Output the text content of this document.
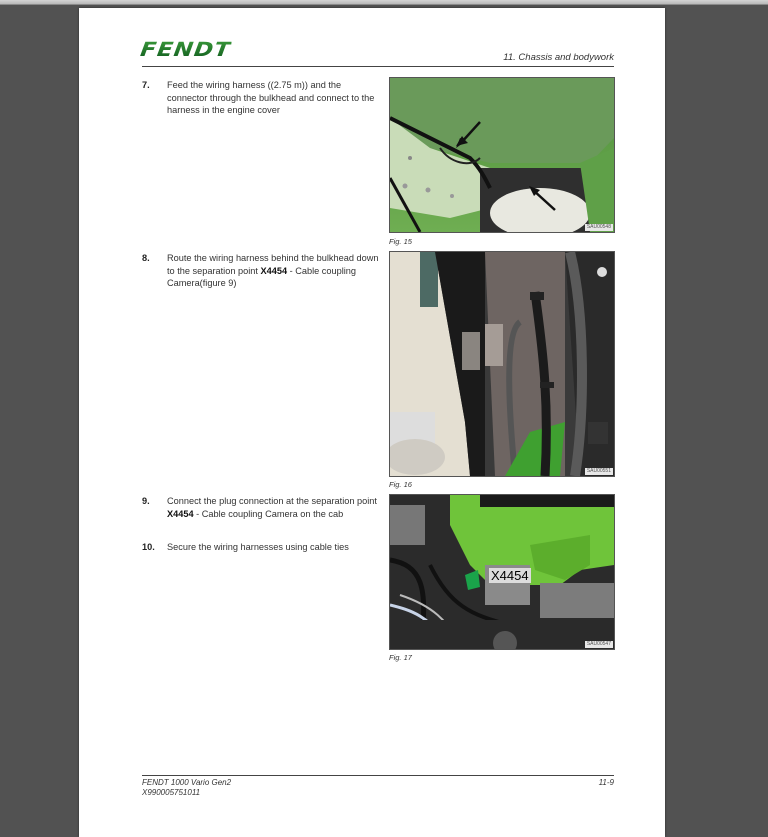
FENDT	11. Chassis and bodywork
7. Feed the wiring harness ((2.75 m)) and the connector through the bulkhead and connect to the harness in the engine cover
8. Route the wiring harness behind the bulkhead down to the separation point X4454 - Cable coupling Camera(figure 9)
9. Connect the plug connection at the separation point X4454 - Cable coupling Camera on the cab
10. Secure the wiring harnesses using cable ties
SAU00548
Fig. 15
SAU00551
Fig. 16
X4454
SAU00547
Fig. 17
FENDT 1000 Vario Gen2
X990005751011
11-9
